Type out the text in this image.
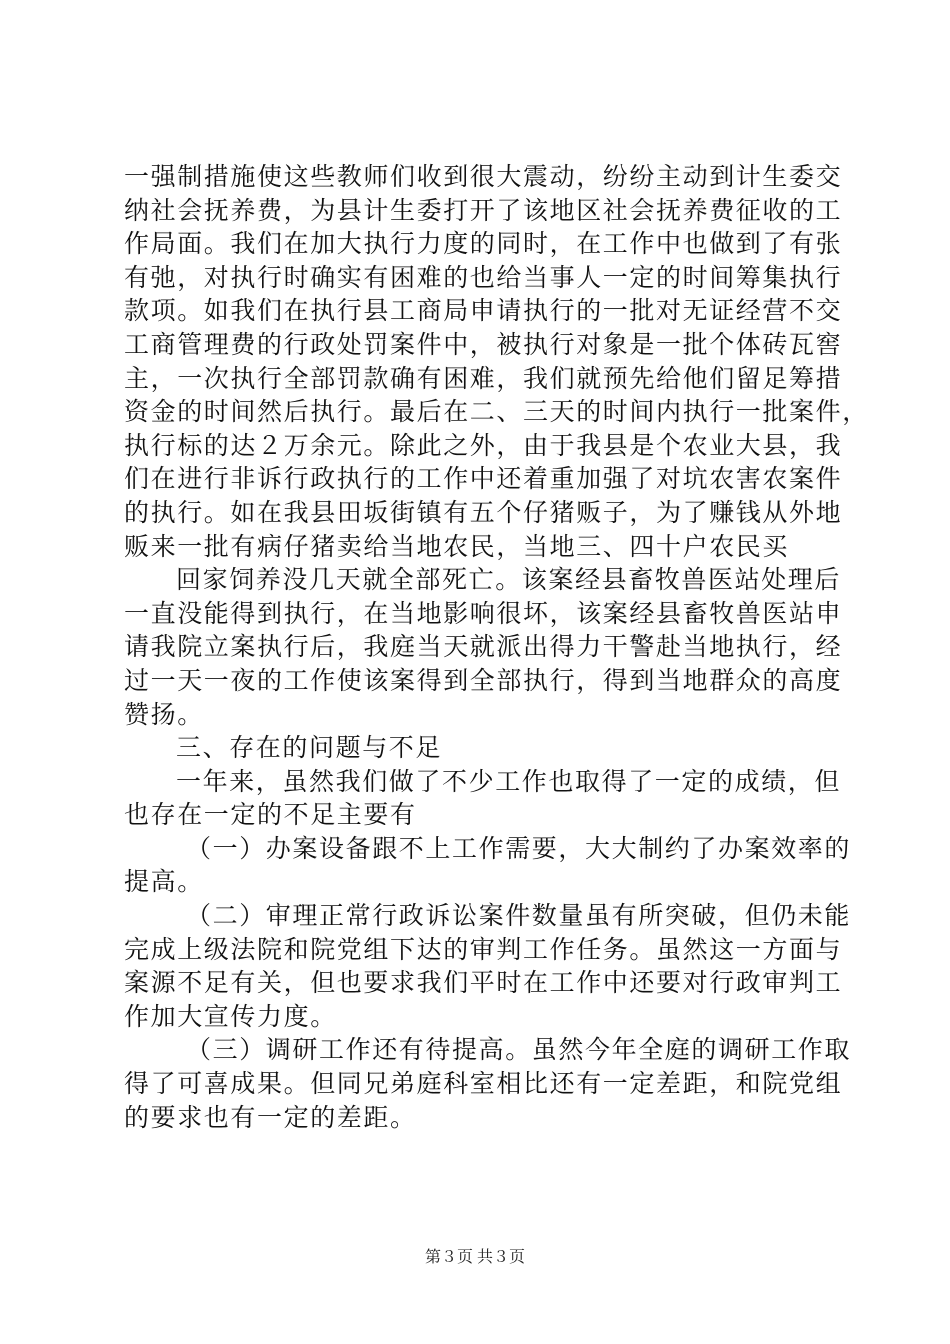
一强制措施使这些教师们收到很大震动，纷纷主动到计生委交
纳社会抚养费，为县计生委打开了该地区社会抚养费征收的工
作局面。我们在加大执行力度的同时，在工作中也做到了有张
有弛，对执行时确实有困难的也给当事人一定的时间筹集执行
款项。如我们在执行县工商局申请执行的一批对无证经营不交
工商管理费的行政处罚案件中，被执行对象是一批个体砖瓦窖
主，一次执行全部罚款确有困难，我们就预先给他们留足筹措
资金的时间然后执行。最后在二、三天的时间内执行一批案件，
执行标的达２万余元。除此之外，由于我县是个农业大县，我
们在进行非诉行政执行的工作中还着重加强了对坑农害农案件
的执行。如在我县田坂街镇有五个仔猪贩子，为了赚钱从外地
贩来一批有病仔猪卖给当地农民，当地三、四十户农民买
回家饲养没几天就全部死亡。该案经县畜牧兽医站处理后
一直没能得到执行，在当地影响很坏，该案经县畜牧兽医站申
请我院立案执行后，我庭当天就派出得力干警赴当地执行，经
过一天一夜的工作使该案得到全部执行，得到当地群众的高度
赞扬。
三、存在的问题与不足
一年来，虽然我们做了不少工作也取得了一定的成绩，但
也存在一定的不足主要有
（一）办案设备跟不上工作需要，大大制约了办案效率的
提高。
（二）审理正常行政诉讼案件数量虽有所突破，但仍未能
完成上级法院和院党组下达的审判工作任务。虽然这一方面与
案源不足有关，但也要求我们平时在工作中还要对行政审判工
作加大宣传力度。
（三）调研工作还有待提高。虽然今年全庭的调研工作取
得了可喜成果。但同兄弟庭科室相比还有一定差距，和院党组
的要求也有一定的差距。
第３页 共３页
